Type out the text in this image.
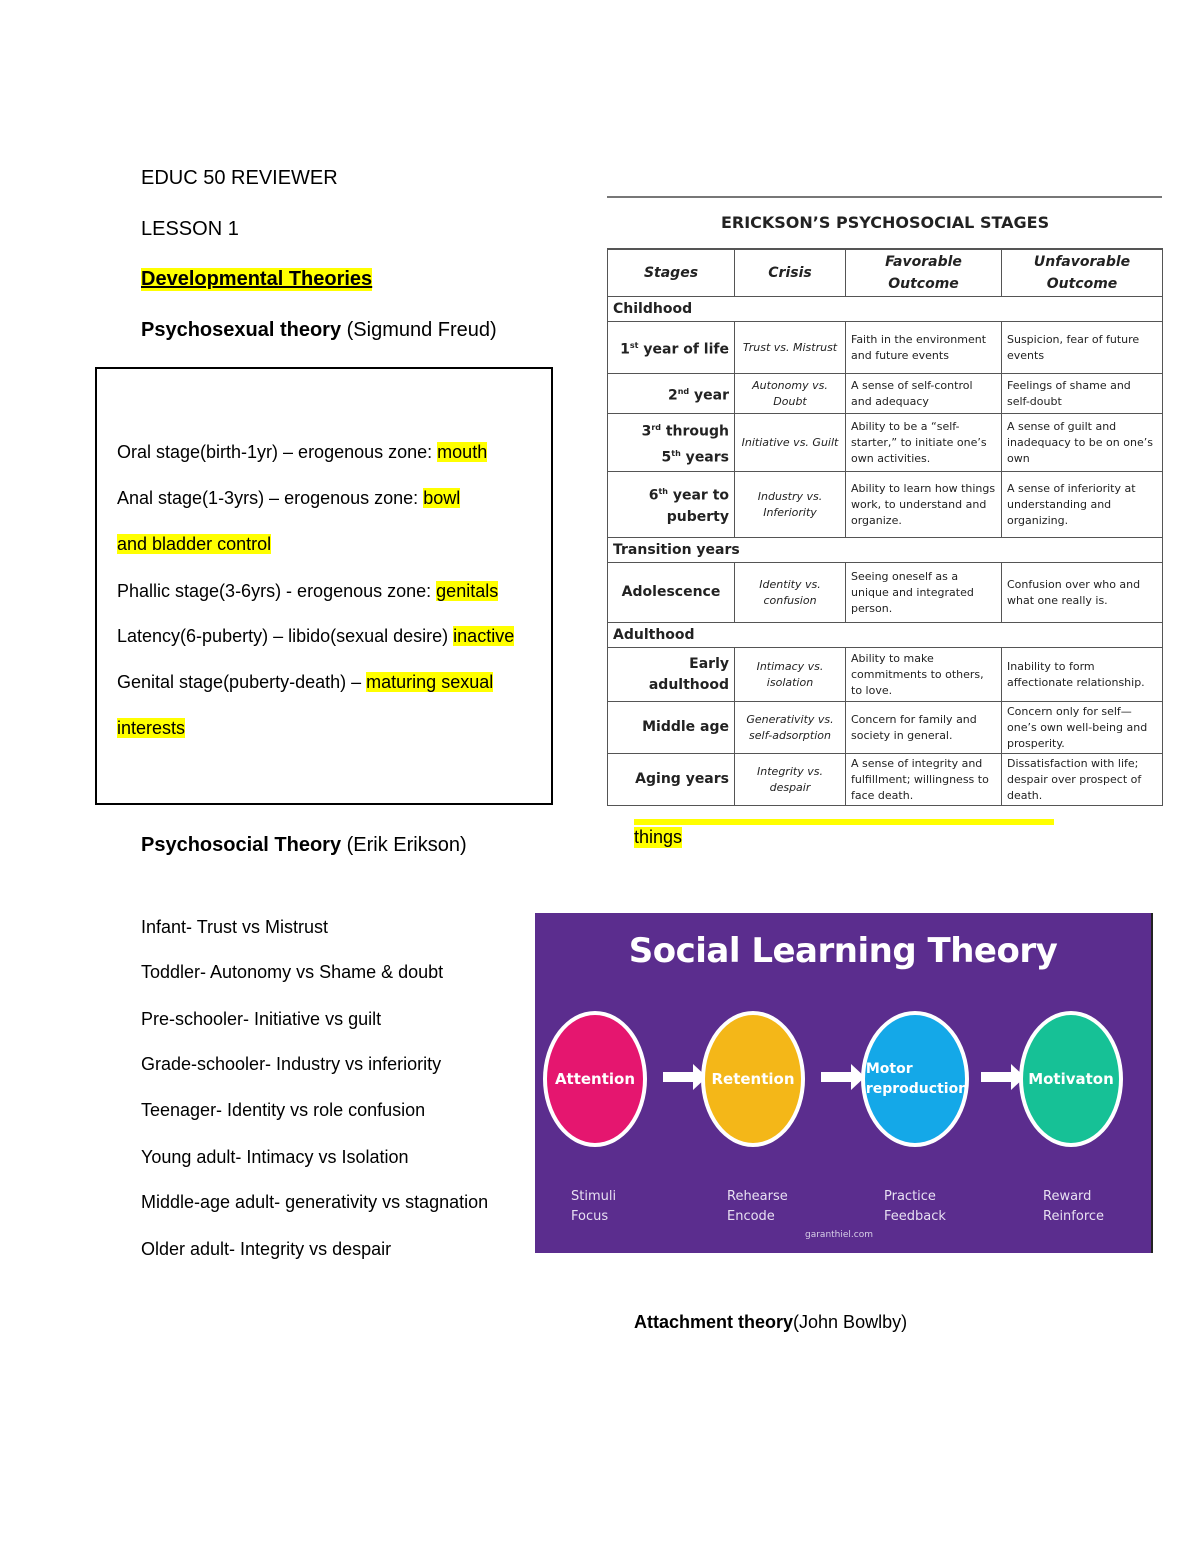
EDUC 50 REVIEWER
LESSON 1
Developmental Theories
Psychosexual theory (Sigmund Freud)
Oral stage(birth-1yr) – erogenous zone: mouth
Anal stage(1-3yrs) – erogenous zone: bowl
and bladder control
Phallic stage(3-6yrs) - erogenous zone: genitals
Latency(6-puberty) – libido(sexual desire) inactive
Genital stage(puberty-death) – maturing sexual
interests
ERICKSON’S PSYCHOSOCIAL STAGES			
Stages	Crisis	Favorable Outcome	Unfavorable Outcome
Childhood			
1st year of life	Trust vs. Mistrust	Faith in the environment and future events	Suspicion, fear of future events
2nd year	Autonomy vs. Doubt	A sense of self-control and adequacy	Feelings of shame and self-doubt
3rd through
5th years	Initiative vs. Guilt	Ability to be a “self-starter,” to initiate one’s own activities.	A sense of guilt and inadequacy to be on one’s own
6th year to
puberty	Industry vs. Inferiority	Ability to learn how things work, to understand and organize.	A sense of inferiority at understanding and organizing.
Transition years			
Adolescence	Identity vs. confusion	Seeing oneself as a unique and integrated person.	Confusion over who and what one really is.
Adulthood			
Early adulthood	Intimacy vs. isolation	Ability to make commitments to others, to love.	Inability to form affectionate relationship.
Middle age	Generativity vs. self-adsorption	Concern for family and society in general.	Concern only for self—one’s own well-being and prosperity.
Aging years	Integrity vs. despair	A sense of integrity and fulfillment; willingness to face death.	Dissatisfaction with life; despair over prospect of death.
things
Psychosocial Theory (Erik Erikson)
Infant- Trust vs Mistrust
Toddler- Autonomy vs Shame & doubt
Pre-schooler- Initiative vs guilt
Grade-schooler- Industry vs inferiority
Teenager- Identity vs role confusion
Young adult- Intimacy vs Isolation
Middle-age adult- generativity vs stagnation
Older adult- Integrity vs despair
Social Learning Theory
Attention	Retention
Motor reproduction
Motivaton
Stimuli
Focus
Rehearse
Encode
Practice
Feedback
Reward
Reinforce
garanthiel.com
Attachment theory(John Bowlby)
